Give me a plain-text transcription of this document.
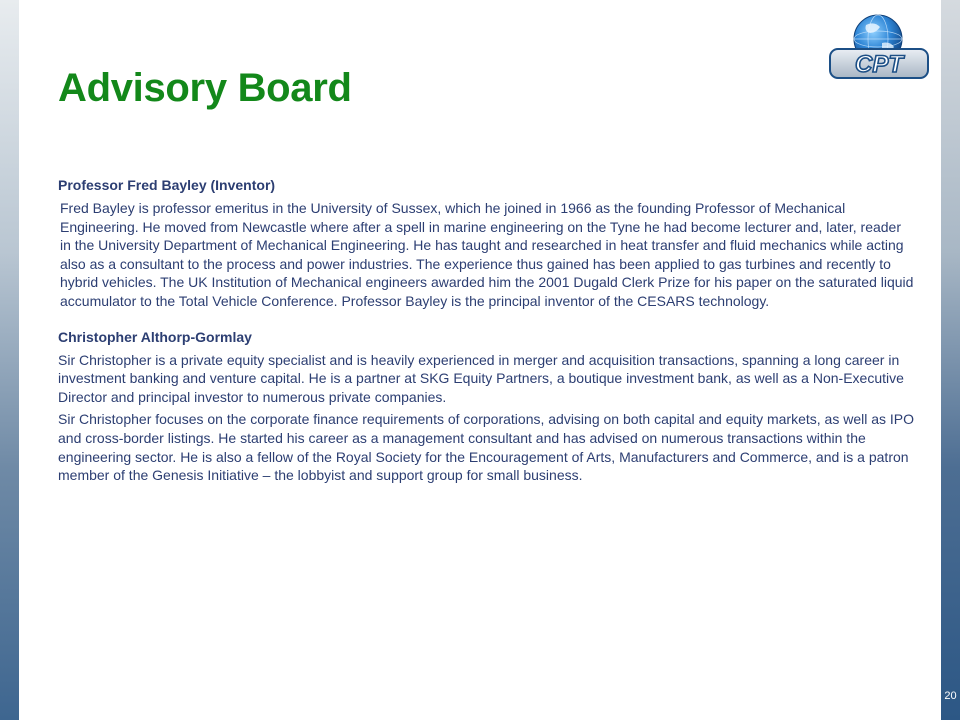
CPT
Advisory Board

Professor Fred Bayley (Inventor)

Fred Bayley is professor emeritus in the University of Sussex, which he joined in 1966 as the founding Professor of Mechanical Engineering. He moved from Newcastle where after a spell in marine engineering on the Tyne he had become lecturer and, later, reader in the University Department of Mechanical Engineering. He has taught and researched in heat transfer and fluid mechanics while acting also as a consultant to the process and power industries. The experience thus gained has been applied to gas turbines and recently to hybrid vehicles. The UK Institution of Mechanical engineers awarded him the 2001 Dugald Clerk Prize for his paper on the saturated liquid accumulator to the Total Vehicle Conference. Professor Bayley is the principal inventor of the CESARS technology.

Christopher Althorp-Gormlay

Sir Christopher is a private equity specialist and is heavily experienced in merger and acquisition transactions, spanning a long career in investment banking and venture capital. He is a partner at SKG Equity Partners, a boutique investment bank, as well as a Non-Executive Director and principal investor to numerous private companies.

Sir Christopher focuses on the corporate finance requirements of corporations, advising on both capital and equity markets, as well as IPO and cross-border listings. He started his career as a management consultant and has advised on numerous transactions within the engineering sector. He is also a fellow of the Royal Society for the Encouragement of Arts, Manufacturers and Commerce, and is a patron member of the Genesis Initiative – the lobbyist and support group for small business.

20
